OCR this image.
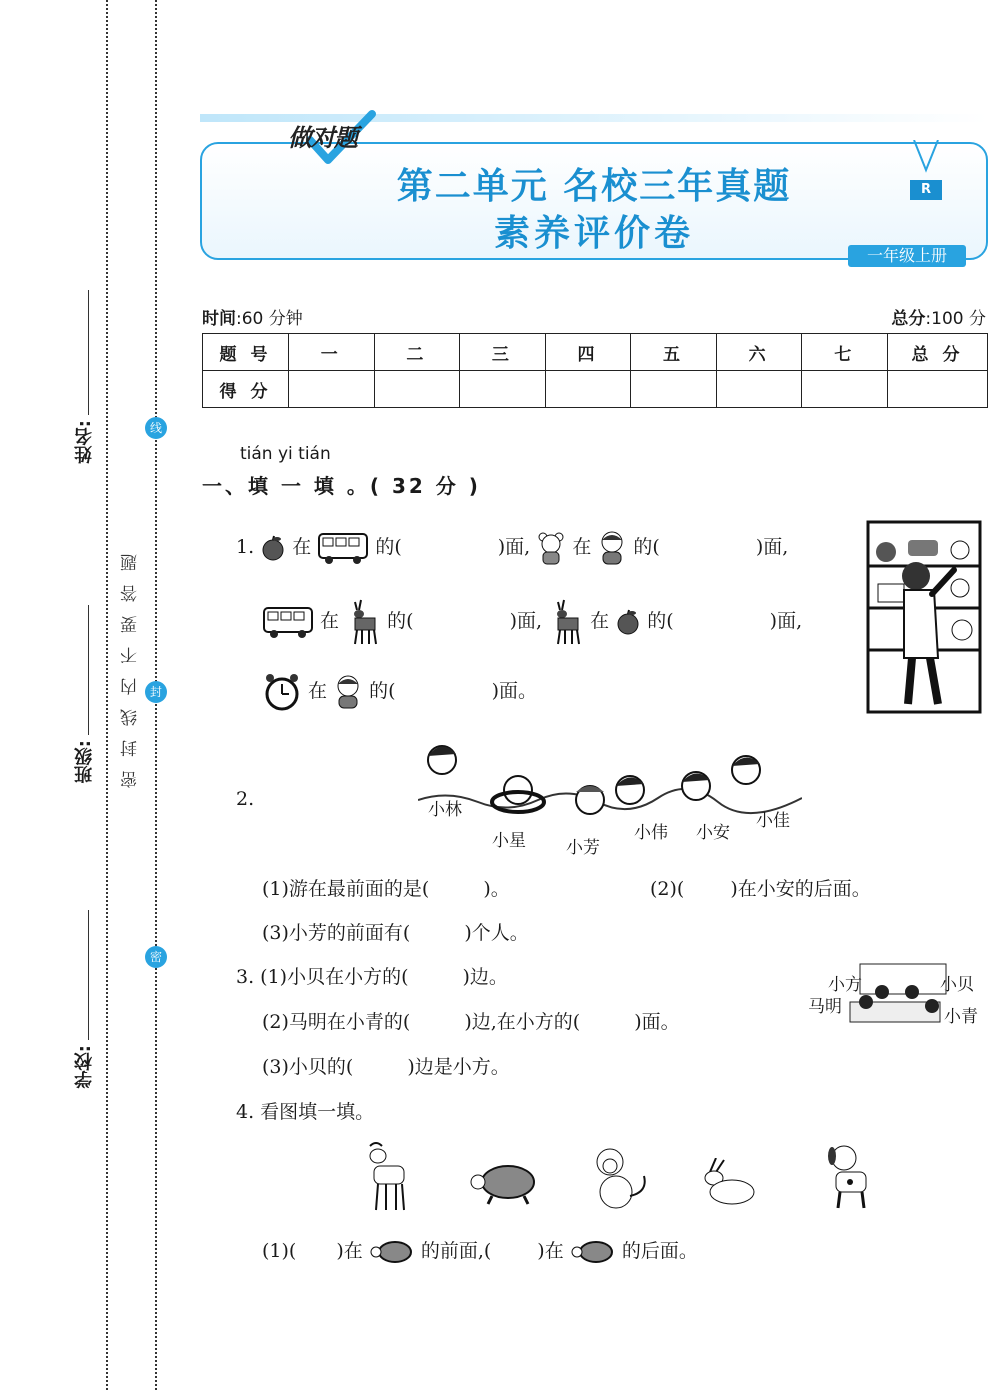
姓名:
班级:
学校:
密封线内不要答题
线
封
密
做对题
第二单元 名校三年真题
素养评价卷
R
一年级上册
时间:60 分钟	总分:100 分
题 号	一	二	三	四	五	六	七	总 分
得 分								
tián yi tián
一、填 一 填 。( 32 分 )
1. 在	的(	)面, 在 的(	)面,
在	的(	)面,	在 的(	)面,
在 的(	)面。
2.	小林
小星 小芳
小伟 小安
小佳
(1)游在最前面的是(	)。	(2)( )在小安的后面。
(3)小芳的前面有(	)个人。
3. (1)小贝在小方的(	)边。
(2)马明在小青的(	)边,在小方的(	)面。
(3)小贝的(	)边是小方。
小方	小贝
马明	小青
4. 看图填一填。
(1)( )在	的前面,( )在	的后面。
